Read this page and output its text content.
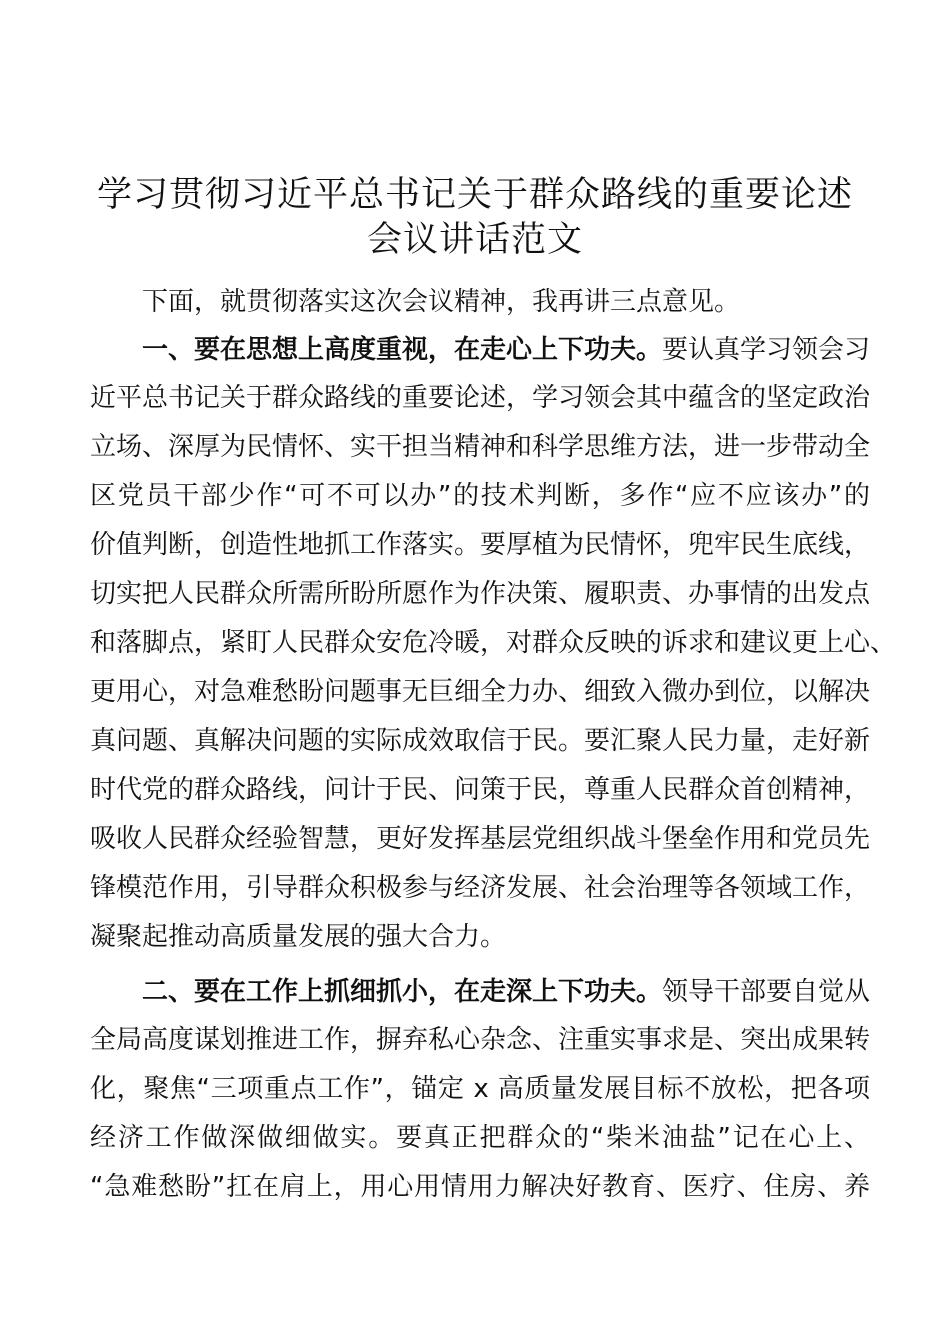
学习贯彻习近平总书记关于群众路线的重要论述
会议讲话范文
下面，就贯彻落实这次会议精神，我再讲三点意见。
一、要在思想上高度重视，在走心上下功夫。要认真学习领会习
近平总书记关于群众路线的重要论述，学习领会其中蕴含的坚定政治
立场、深厚为民情怀、实干担当精神和科学思维方法，进一步带动全
区党员干部少作“可不可以办”的技术判断，多作“应不应该办”的
价值判断，创造性地抓工作落实。要厚植为民情怀，兜牢民生底线，
切实把人民群众所需所盼所愿作为作决策、履职责、办事情的出发点
和落脚点，紧盯人民群众安危冷暖，对群众反映的诉求和建议更上心、
更用心，对急难愁盼问题事无巨细全力办、细致入微办到位，以解决
真问题、真解决问题的实际成效取信于民。要汇聚人民力量，走好新
时代党的群众路线，问计于民、问策于民，尊重人民群众首创精神，
吸收人民群众经验智慧，更好发挥基层党组织战斗堡垒作用和党员先
锋模范作用，引导群众积极参与经济发展、社会治理等各领域工作，
凝聚起推动高质量发展的强大合力。
二、要在工作上抓细抓小，在走深上下功夫。领导干部要自觉从
全局高度谋划推进工作，摒弃私心杂念、注重实事求是、突出成果转
化，聚焦“三项重点工作”，锚定 x 高质量发展目标不放松，把各项
经济工作做深做细做实。要真正把群众的“柴米油盐”记在心上、
“急难愁盼”扛在肩上，用心用情用力解决好教育、医疗、住房、养
